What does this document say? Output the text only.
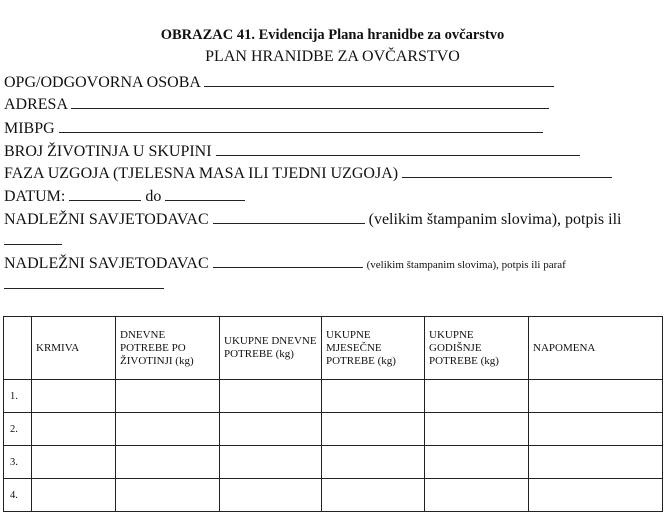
OBRAZAC 41. Evidencija Plana hranidbe za ovčarstvo
PLAN HRANIDBE ZA OVČARSTVO
OPG/ODGOVORNA OSOBA
ADRESA
MIBPG
BROJ ŽIVOTINJA U SKUPINI
FAZA UZGOJA (TJELESNA MASA ILI TJEDNI UZGOJA)
DATUM:	do
NADLEŽNI SAVJETODAVAC	(velikim štampanim slovima), potpis ili
NADLEŽNI SAVJETODAVAC	(velikim štampanim slovima), potpis ili paraf
	KRMIVA	DNEVNE POTREBE PO ŽIVOTINJI (kg)	UKUPNE DNEVNE POTREBE (kg)	UKUPNE MJESEČNE POTREBE (kg)	UKUPNE GODIŠNJE POTREBE (kg)	NAPOMENA
1.						
2.						
3.						
4.						
